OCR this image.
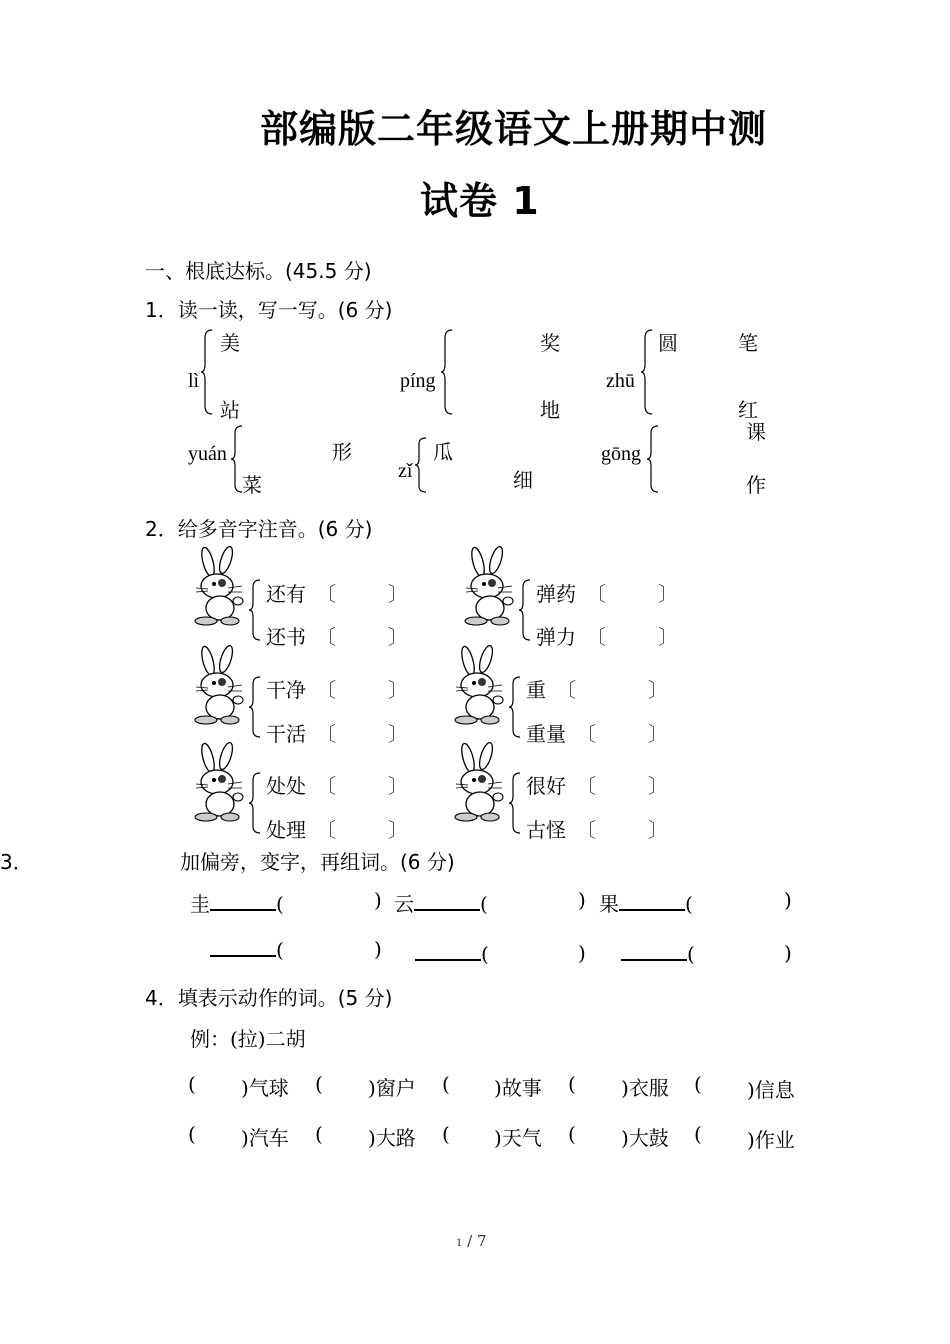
部编版二年级语文上册期中测
试卷 1
一、根底达标。(45.5 分)
1．读一读，写一写。(6 分)
lì
美
站
píng
奖
地
zhū
圆	笔
红
yuán	形
菜
zǐ
瓜
细
gōng
课
作
2．给多音字注音。(6 分)
还有 〔	〕
还书 〔	〕
弹药 〔	〕
弹力 〔	〕
干净 〔	〕
干活 〔	〕
重 〔	〕
重量 〔	〕
处处 〔	〕
处理 〔	〕
很好 〔	〕
古怪 〔	〕
3．	加偏旁，变字，再组词。(6 分)
圭	(	) 云	(	) 果	(	)
(	)	(	)	(	)
4．填表示动作的词。(5 分)
例：(拉)二胡
( )气球 ( )窗户 ( )故事 ( )衣服 ( )信息
( )汽车 ( )大路 ( )天气 ( )大鼓 ( )作业
1 / 7
